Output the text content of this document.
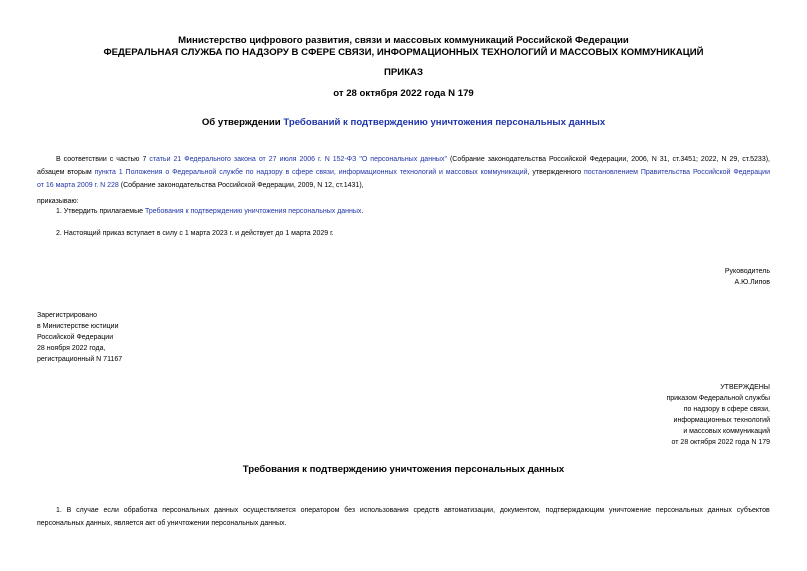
Министерство цифрового развития, связи и массовых коммуникаций Российской Федерации
ФЕДЕРАЛЬНАЯ СЛУЖБА ПО НАДЗОРУ В СФЕРЕ СВЯЗИ, ИНФОРМАЦИОННЫХ ТЕХНОЛОГИЙ И МАССОВЫХ КОММУНИКАЦИЙ
ПРИКАЗ
от 28 октября 2022 года N 179
Об утверждении Требований к подтверждению уничтожения персональных данных
В соответствии с частью 7 статьи 21 Федерального закона от 27 июля 2006 г. N 152-ФЗ "О персональных данных" (Собрание законодательства Российской Федерации, 2006, N 31, ст.3451; 2022, N 29, ст.5233),
абзацем вторым пункта 1 Положения о Федеральной службе по надзору в сфере связи, информационных технологий и массовых коммуникаций, утвержденного постановлением Правительства Российской Федерации
от 16 марта 2009 г. N 228 (Собрание законодательства Российской Федерации, 2009, N 12, ст.1431),
приказываю:
1. Утвердить прилагаемые Требования к подтверждению уничтожения персональных данных.
2. Настоящий приказ вступает в силу с 1 марта 2023 г. и действует до 1 марта 2029 г.
Руководитель
А.Ю.Липов
Зарегистрировано
в Министерстве юстиции
Российской Федерации
28 ноября 2022 года,
регистрационный N 71167
УТВЕРЖДЕНЫ
приказом Федеральной службы
по надзору в сфере связи,
информационных технологий
и массовых коммуникаций
от 28 октября 2022 года N 179
Требования к подтверждению уничтожения персональных данных
1. В случае если обработка персональных данных осуществляется оператором без использования средств автоматизации, документом, подтверждающим уничтожение персональных данных субъектов
персональных данных, является акт об уничтожении персональных данных.
